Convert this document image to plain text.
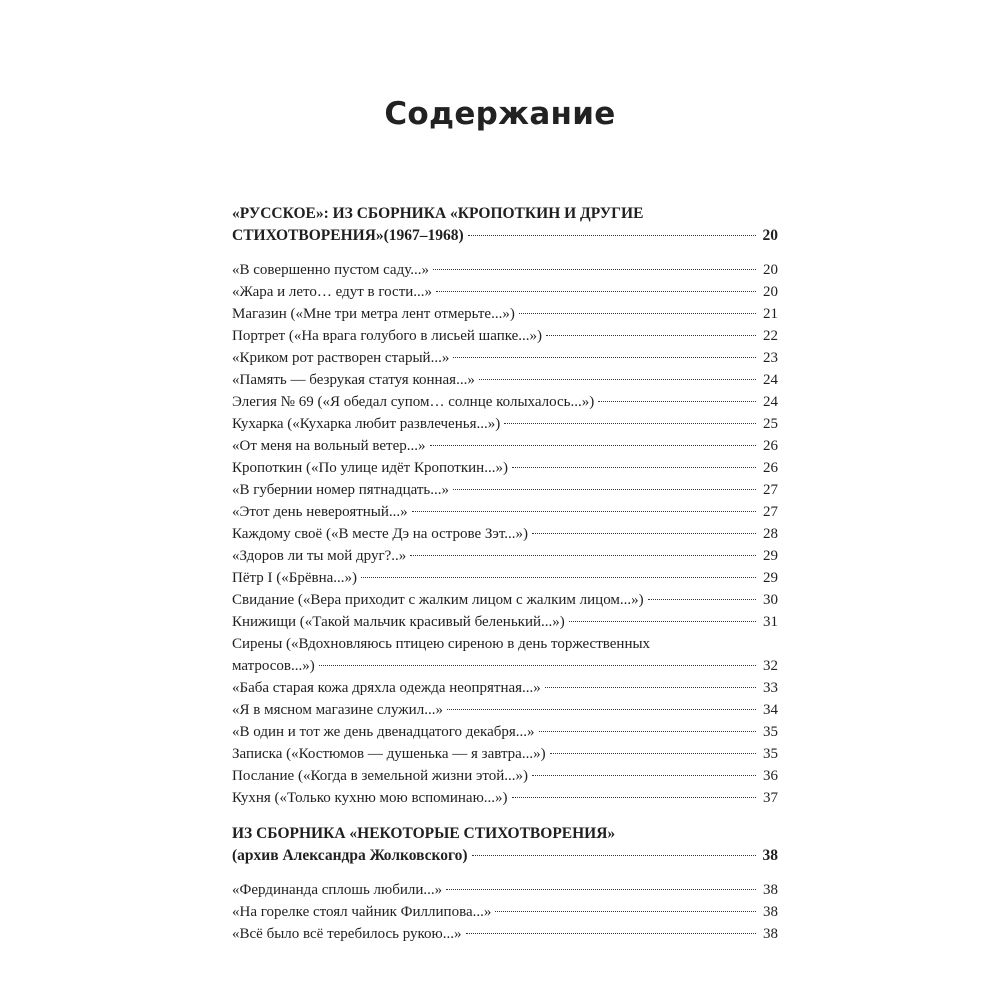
Содержание
«РУССКОЕ»: ИЗ СБОРНИКА «КРОПОТКИН И ДРУГИЕ
СТИХОТВОРЕНИЯ»(1967–1968)	20
«В совершенно пустом саду...»	20
«Жара и лето… едут в гости...»	20
Магазин («Мне три метра лент отмерьте...»)	21
Портрет («На врага голубого в лисьей шапке...»)	22
«Криком рот растворен старый...»	23
«Память — безрукая статуя конная...»	24
Элегия № 69 («Я обедал супом… солнце колыхалось...»)	24
Кухарка («Кухарка любит развлеченья...»)	25
«От меня на вольный ветер...»	26
Кропоткин («По улице идёт Кропоткин...»)	26
«В губернии номер пятнадцать...»	27
«Этот день невероятный...»	27
Каждому своё («В месте Дэ на острове Зэт...»)	28
«Здоров ли ты мой друг?..»	29
Пётр I («Брёвна...»)	29
Свидание («Вера приходит с жалким лицом с жалким лицом...»)	30
Книжищи («Такой мальчик красивый беленький...»)	31
Сирены («Вдохновляюсь птицею сиреною в день торжественных
матросов...»)	32
«Баба старая кожа дряхла одежда неопрятная...»	33
«Я в мясном магазине служил...»	34
«В один и тот же день двенадцатого декабря...»	35
Записка («Костюмов — душенька — я завтра...»)	35
Послание («Когда в земельной жизни этой...»)	36
Кухня («Только кухню мою вспоминаю...»)	37
ИЗ СБОРНИКА «НЕКОТОРЫЕ СТИХОТВОРЕНИЯ»
(архив Александра Жолковского)	38
«Фердинанда сплошь любили...»	38
«На горелке стоял чайник Филлипова...»	38
«Всё было всё теребилось рукою...»	38
